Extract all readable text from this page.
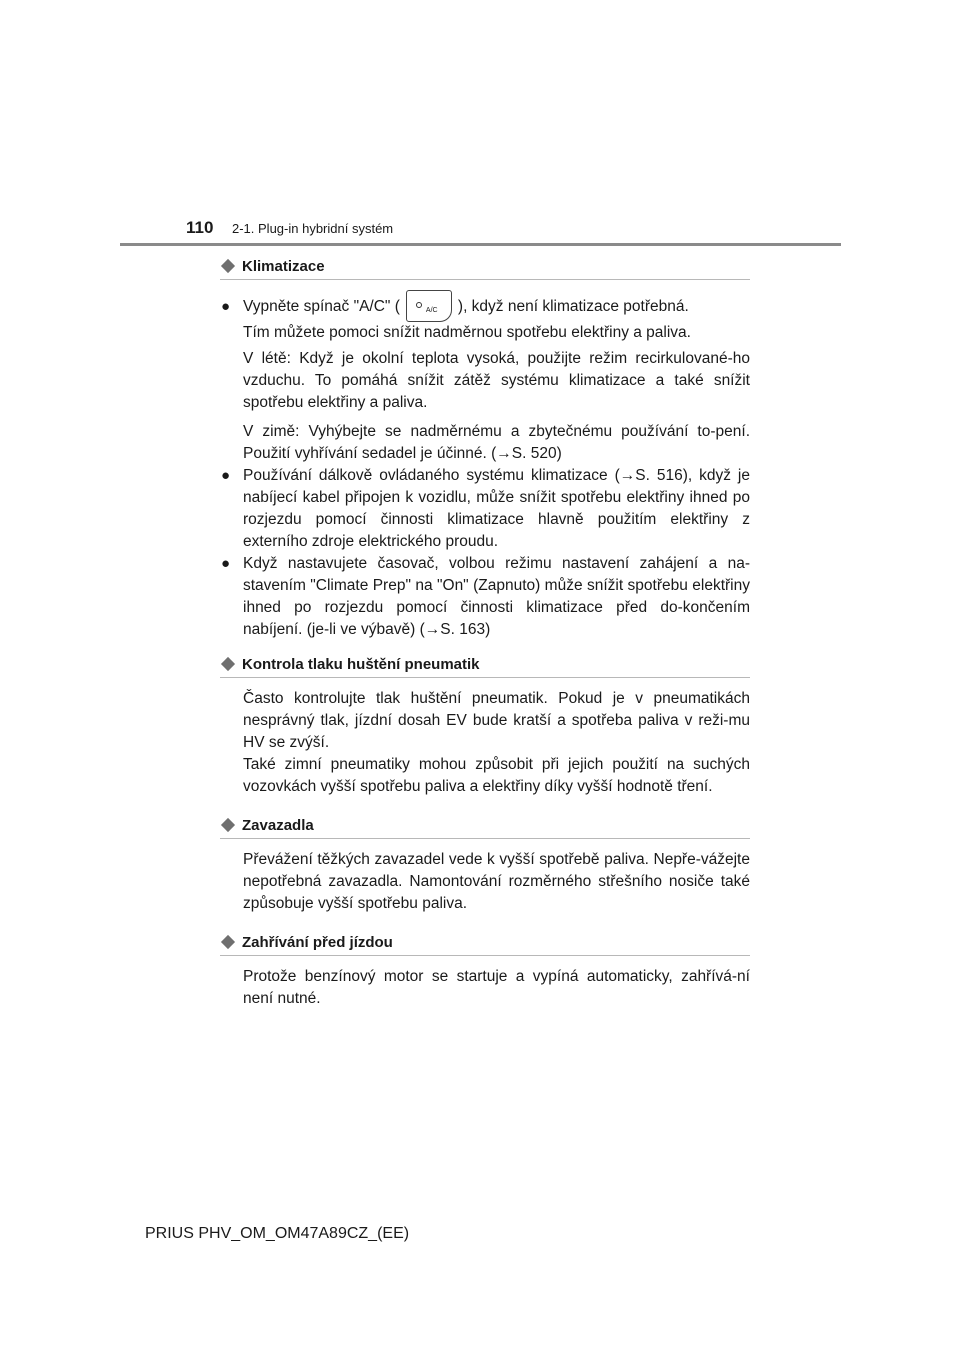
110 2-1. Plug-in hybridní systém
Klimatizace
● Vypněte spínač "A/C" (	A/C ), když není klimatizace potřebná.
Tím můžete pomoci snížit nadměrnou spotřebu elektřiny a paliva.
V létě: Když je okolní teplota vysoká, použijte režim recirkulované-ho vzduchu. To pomáhá snížit zátěž systému klimatizace a také snížit spotřebu elektřiny a paliva.
V zimě: Vyhýbejte se nadměrnému a zbytečnému používání to-pení. Použití vyhřívání sedadel je účinné. (→S. 520)
● Používání dálkově ovládaného systému klimatizace (→S. 516), když je nabíjecí kabel připojen k vozidlu, může snížit spotřebu elektřiny ihned po rozjezdu pomocí činnosti klimatizace hlavně použitím elektřiny z externího zdroje elektrického proudu.
● Když nastavujete časovač, volbou režimu nastavení zahájení a na-stavením "Climate Prep" na "On" (Zapnuto) může snížit spotřebu elektřiny ihned po rozjezdu pomocí činnosti klimatizace před do-končením nabíjení. (je-li ve výbavě) (→S. 163)
Kontrola tlaku huštění pneumatik
Často kontrolujte tlak huštění pneumatik. Pokud je v pneumatikách nesprávný tlak, jízdní dosah EV bude kratší a spotřeba paliva v reži-mu HV se zvýší.
Také zimní pneumatiky mohou způsobit při jejich použití na suchých vozovkách vyšší spotřebu paliva a elektřiny díky vyšší hodnotě tření.
Zavazadla
Převážení těžkých zavazadel vede k vyšší spotřebě paliva. Nepře-vážejte nepotřebná zavazadla. Namontování rozměrného střešního nosiče také způsobuje vyšší spotřebu paliva.
Zahřívání před jízdou
Protože benzínový motor se startuje a vypíná automaticky, zahřívá-ní není nutné.
PRIUS PHV_OM_OM47A89CZ_(EE)
